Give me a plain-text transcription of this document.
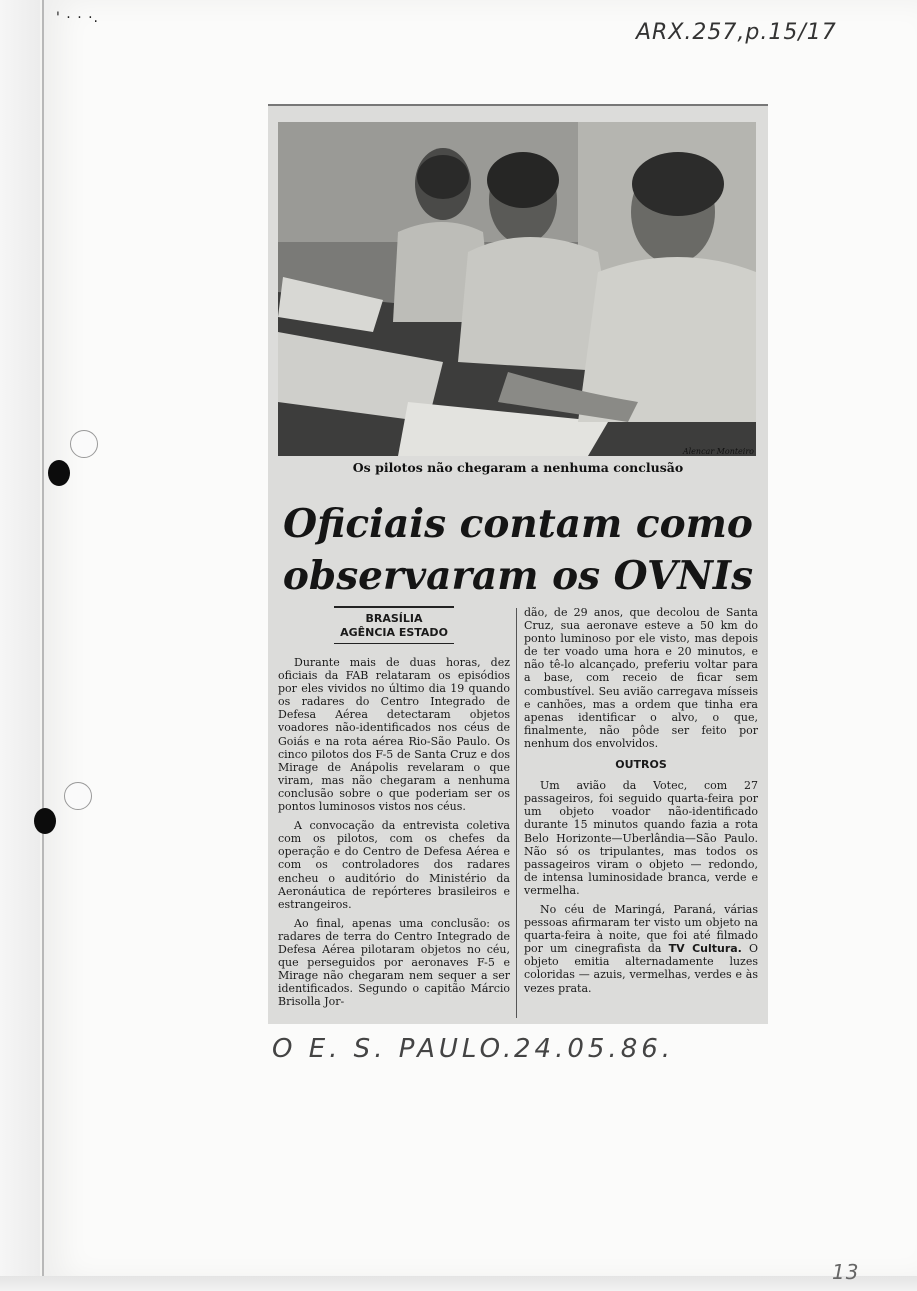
' · · ·.
ARX.257,p.15/17
Alencar Monteiro
Os pilotos não chegaram a nenhuma conclusão
Oficiais contam como
observaram os OVNIs
BRASÍLIA
AGÊNCIA ESTADO

Durante mais de duas horas, dez oficiais da FAB relataram os episódios por eles vividos no último dia 19 quando os radares do Centro Integrado de Defesa Aérea detectaram objetos voadores não-identificados nos céus de Goiás e na rota aérea Rio-São Paulo. Os cinco pilotos dos F-5 de Santa Cruz e dos Mirage de Anápolis revelaram o que viram, mas não chegaram a nenhuma conclusão sobre o que poderiam ser os pontos luminosos vistos nos céus.

A convocação da entrevista coletiva com os pilotos, com os chefes da operação e do Centro de Defesa Aérea e com os controladores dos radares encheu o auditório do Ministério da Aeronáutica de repórteres brasileiros e estrangeiros.

Ao final, apenas uma conclusão: os radares de terra do Centro Integrado de Defesa Aérea pilotaram objetos no céu, que perseguidos por aeronaves F-5 e Mirage não chegaram nem sequer a ser identificados. Segundo o capitão Márcio Brisolla Jor-

dão, de 29 anos, que decolou de Santa Cruz, sua aeronave esteve a 50 km do ponto luminoso por ele visto, mas depois de ter voado uma hora e 20 minutos, e não tê-lo alcançado, preferiu voltar para a base, com receio de ficar sem combustível. Seu avião carregava mísseis e canhões, mas a ordem que tinha era apenas identificar o alvo, o que, finalmente, não pôde ser feito por nenhum dos envolvidos.

OUTROS

Um avião da Votec, com 27 passageiros, foi seguido quarta-feira por um objeto voador não-identificado durante 15 minutos quando fazia a rota Belo Horizonte—Uberlândia—São Paulo. Não só os tripulantes, mas todos os passageiros viram o objeto — redondo, de intensa luminosidade branca, verde e vermelha.

No céu de Maringá, Paraná, várias pessoas afirmaram ter visto um objeto na quarta-feira à noite, que foi até filmado por um cinegrafista da TV Cultura. O objeto emitia alternadamente luzes coloridas — azuis, vermelhas, verdes e às vezes prata.

O E. S. PAULO.
24.05.86.
13
